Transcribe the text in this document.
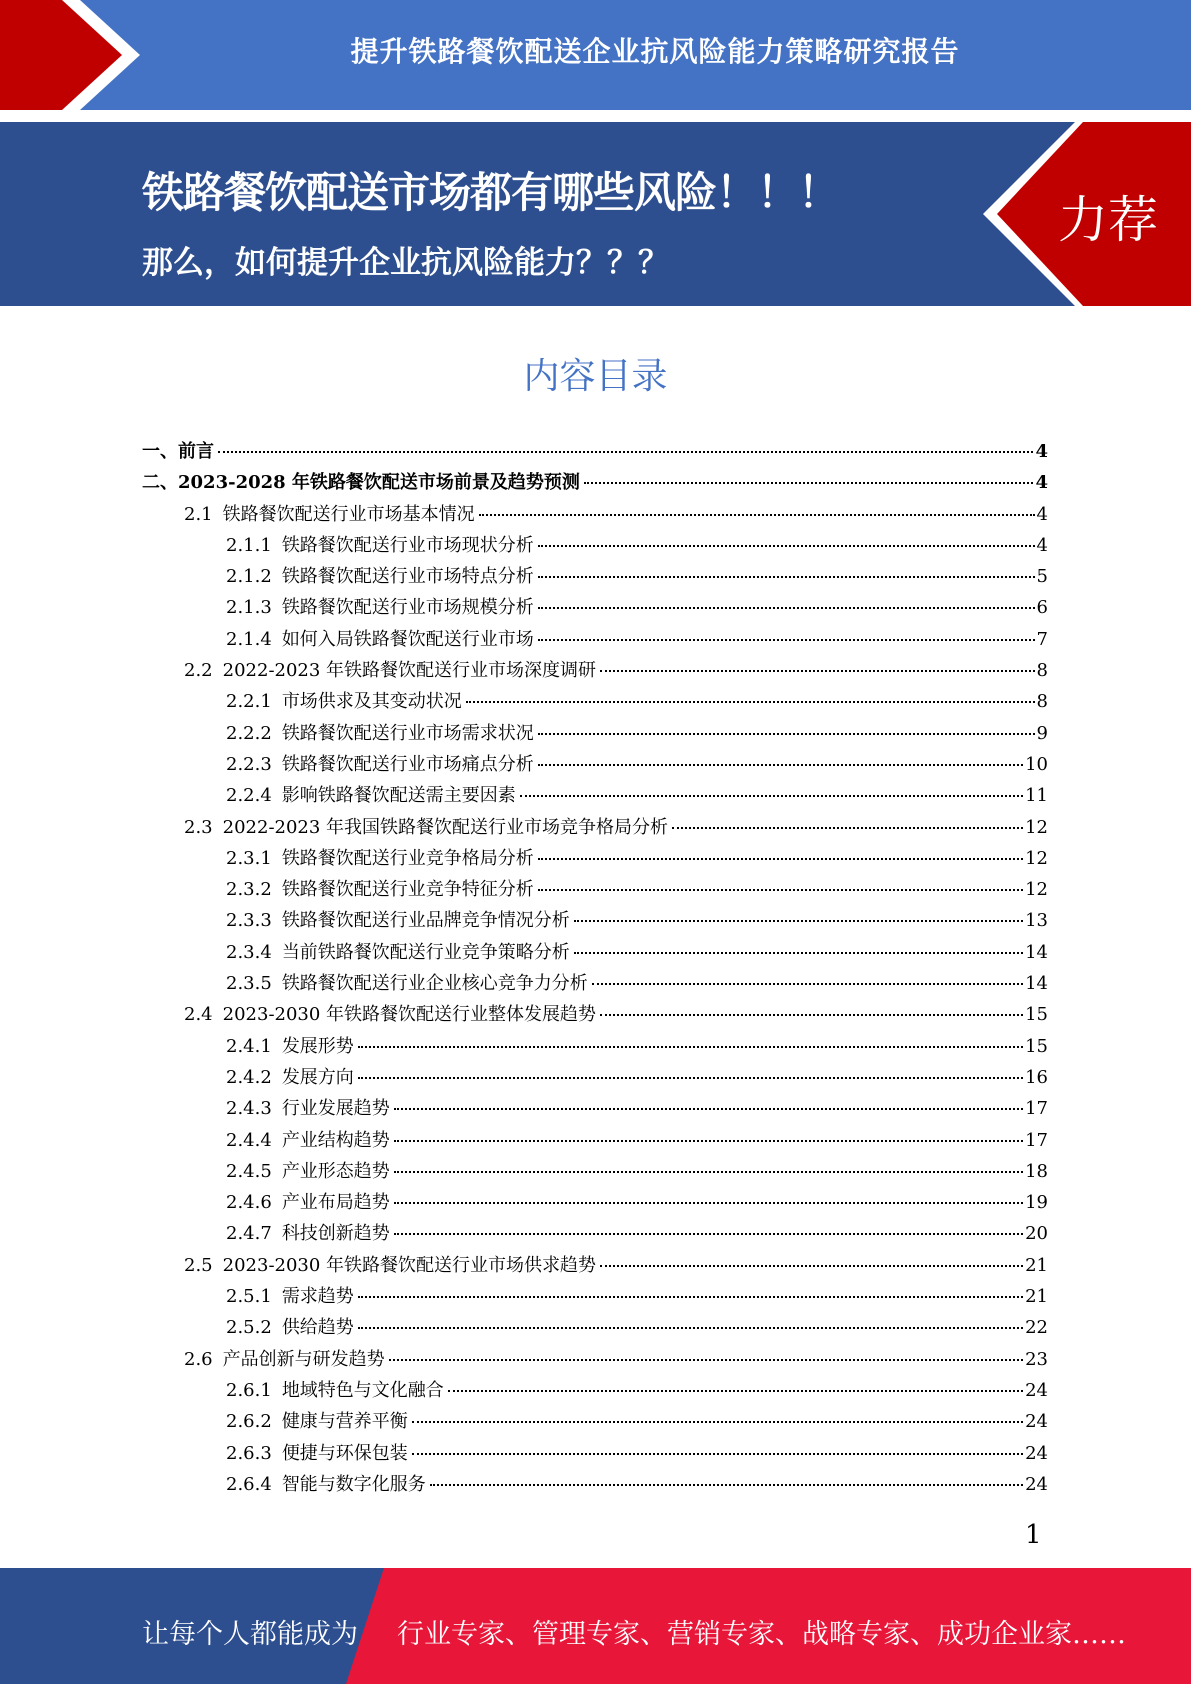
提升铁路餐饮配送企业抗风险能力策略研究报告
铁路餐饮配送市场都有哪些风险！！！
那么，如何提升企业抗风险能力？？？
力荐
内容目录
一、 前言	4
二、 2023-2028 年铁路餐饮配送市场前景及趋势预测	4
2.1 铁路餐饮配送行业市场基本情况	4
2.1.1 铁路餐饮配送行业市场现状分析	4
2.1.2 铁路餐饮配送行业市场特点分析	5
2.1.3 铁路餐饮配送行业市场规模分析	6
2.1.4 如何入局铁路餐饮配送行业市场	7
2.2 2022-2023 年铁路餐饮配送行业市场深度调研	8
2.2.1 市场供求及其变动状况	8
2.2.2 铁路餐饮配送行业市场需求状况	9
2.2.3 铁路餐饮配送行业市场痛点分析	10
2.2.4 影响铁路餐饮配送需主要因素	11
2.3 2022-2023 年我国铁路餐饮配送行业市场竞争格局分析	12
2.3.1 铁路餐饮配送行业竞争格局分析	12
2.3.2 铁路餐饮配送行业竞争特征分析	12
2.3.3 铁路餐饮配送行业品牌竞争情况分析	13
2.3.4 当前铁路餐饮配送行业竞争策略分析	14
2.3.5 铁路餐饮配送行业企业核心竞争力分析	14
2.4 2023-2030 年铁路餐饮配送行业整体发展趋势	15
2.4.1 发展形势	15
2.4.2 发展方向	16
2.4.3 行业发展趋势	17
2.4.4 产业结构趋势	17
2.4.5 产业形态趋势	18
2.4.6 产业布局趋势	19
2.4.7 科技创新趋势	20
2.5 2023-2030 年铁路餐饮配送行业市场供求趋势	21
2.5.1 需求趋势	21
2.5.2 供给趋势	22
2.6 产品创新与研发趋势	23
2.6.1 地域特色与文化融合	24
2.6.2 健康与营养平衡	24
2.6.3 便捷与环保包装	24
2.6.4 智能与数字化服务	24
1
让每个人都能成为 行业专家、管理专家、营销专家、战略专家、成功企业家……
